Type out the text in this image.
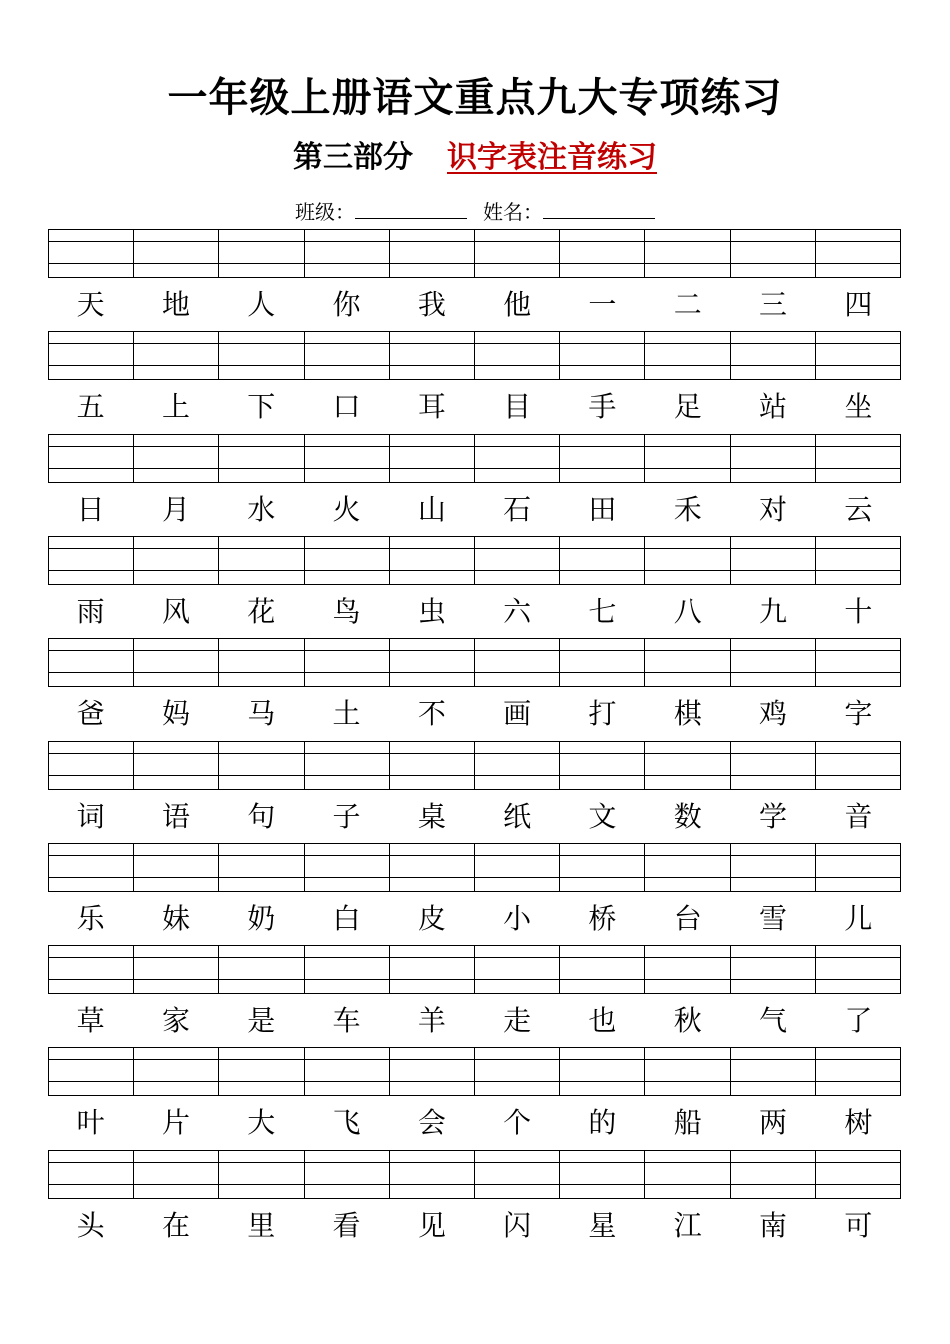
一年级上册语文重点九大专项练习
第三部分 识字表注音练习
班级：	姓名：
天	地	人	你	我	他	一	二	三	四
五	上	下	口	耳	目	手	足	站	坐
日	月	水	火	山	石	田	禾	对	云
雨	风	花	鸟	虫	六	七	八	九	十
爸	妈	马	土	不	画	打	棋	鸡	字
词	语	句	子	桌	纸	文	数	学	音
乐	妹	奶	白	皮	小	桥	台	雪	儿
草	家	是	车	羊	走	也	秋	气	了
叶	片	大	飞	会	个	的	船	两	树
头	在	里	看	见	闪	星	江	南	可
